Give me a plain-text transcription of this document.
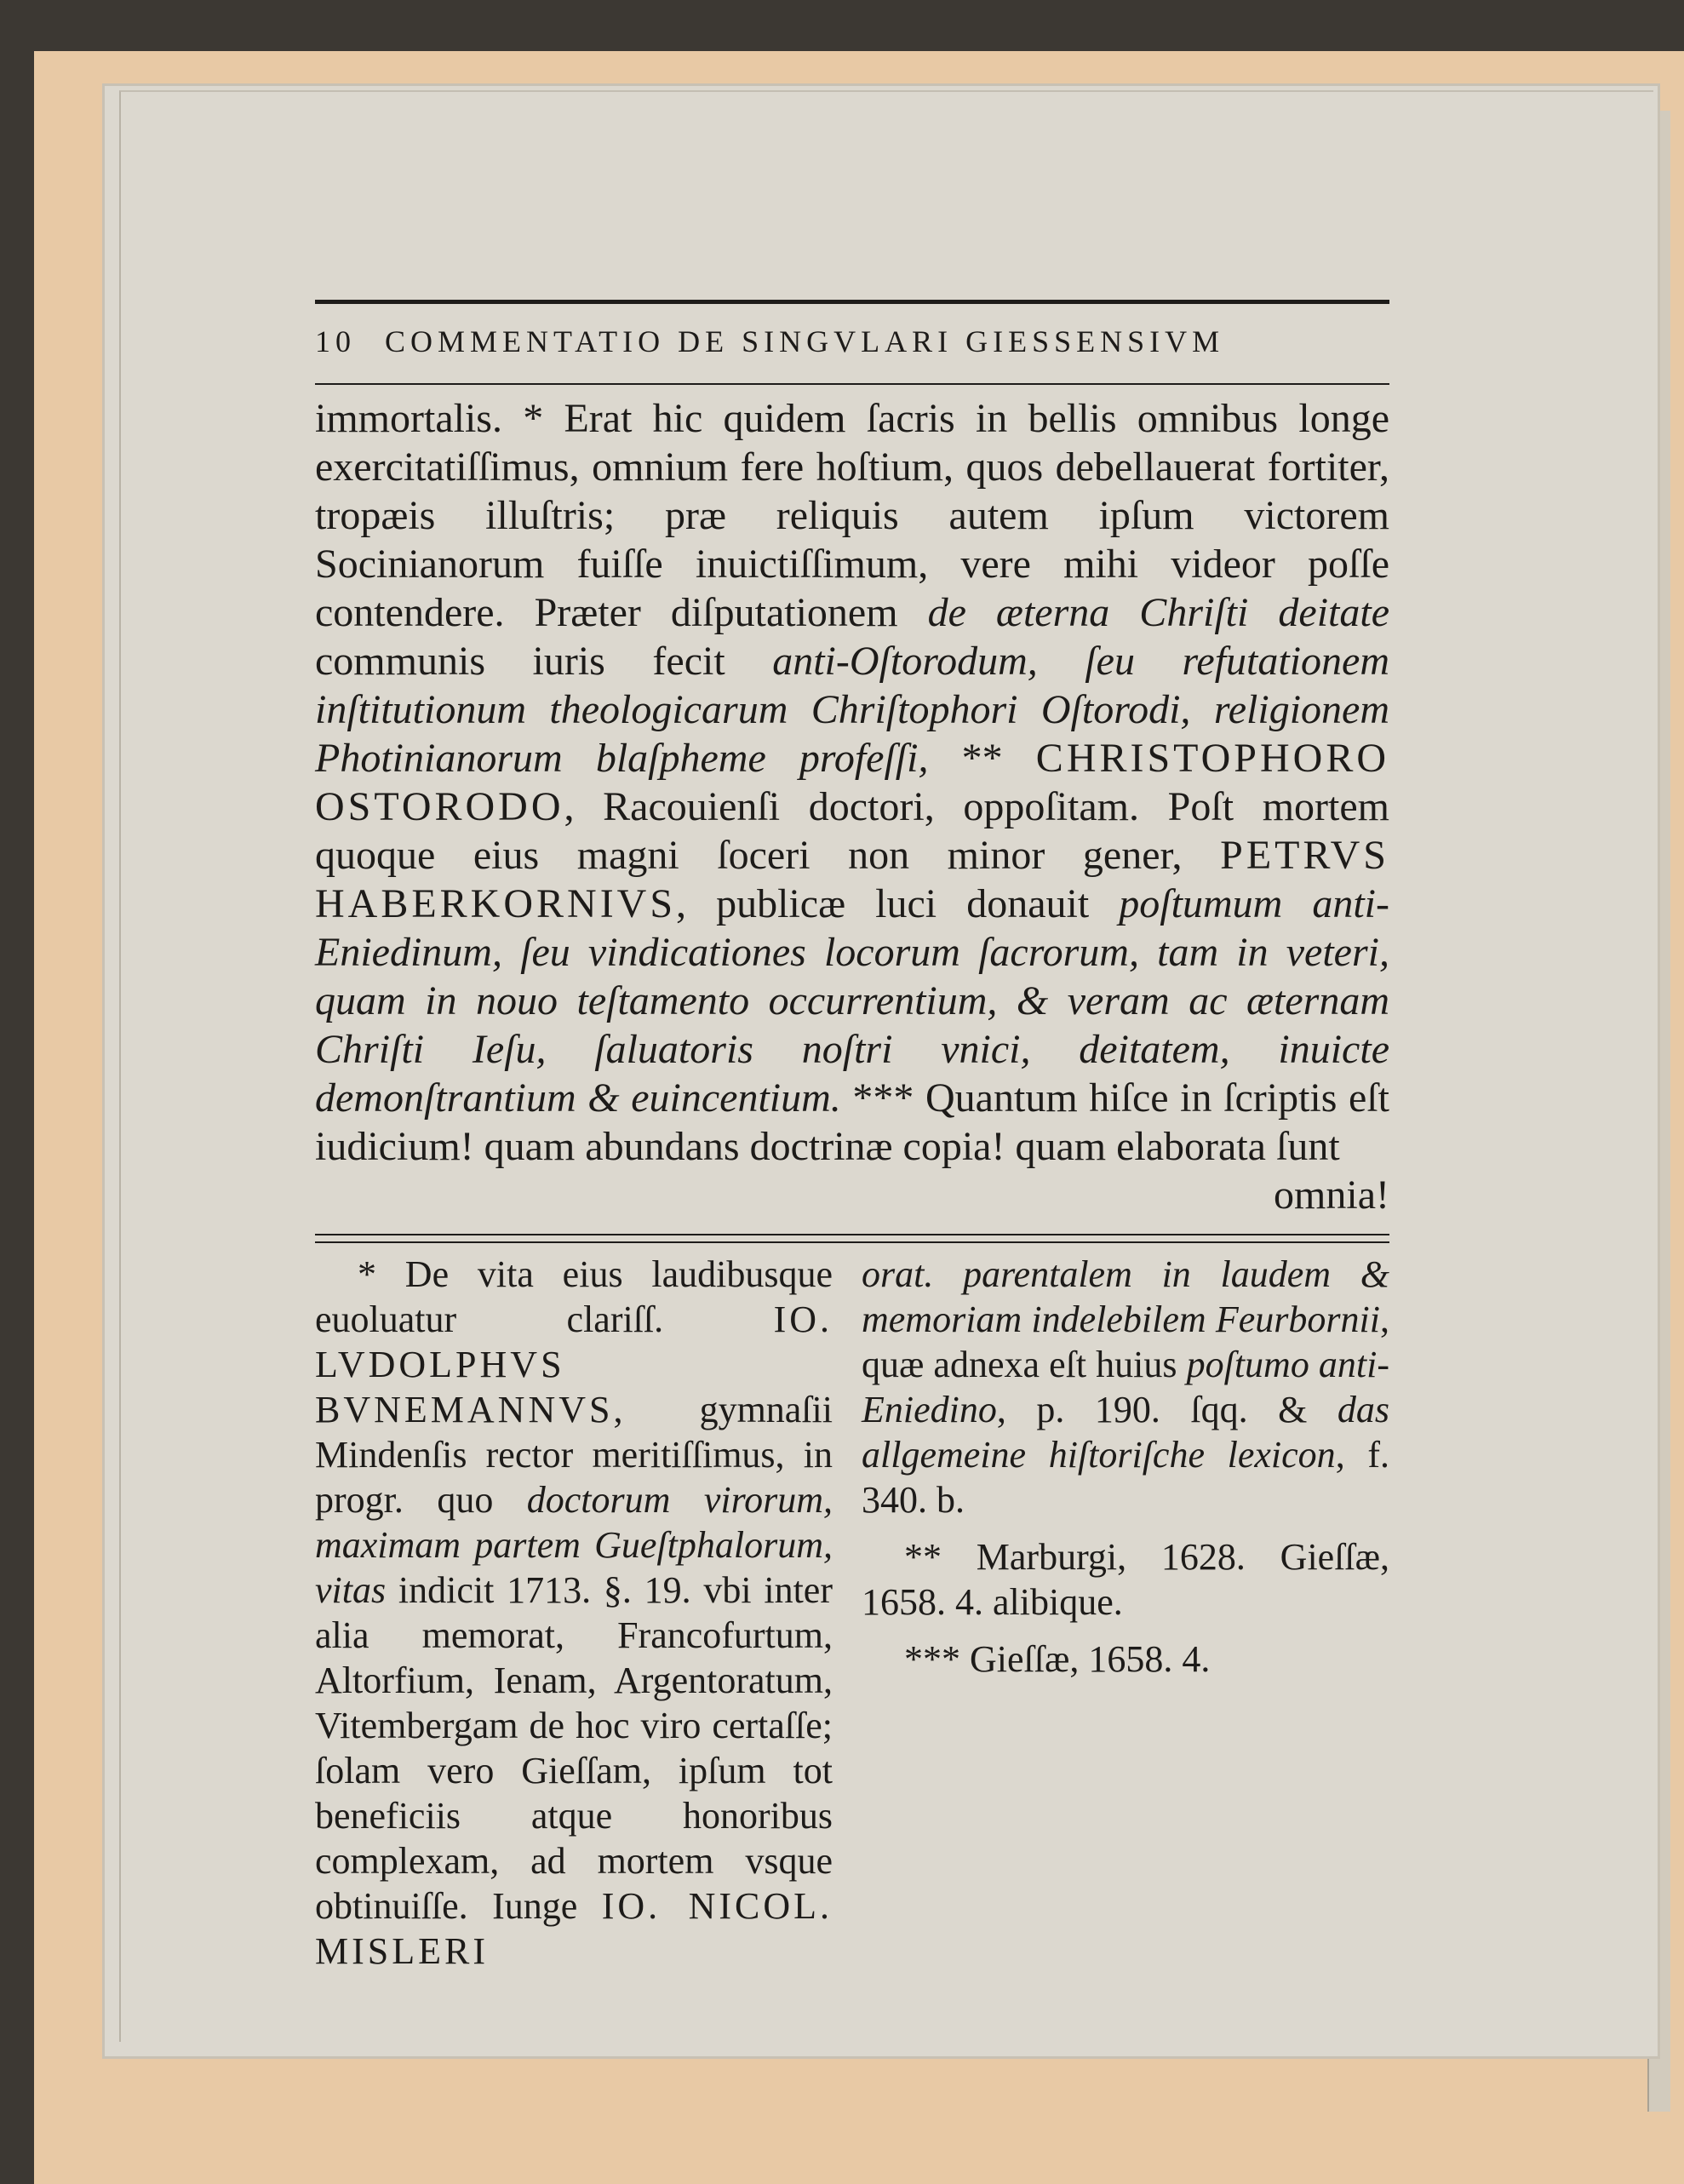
10 COMMENTATIO DE SINGVLARI GIESSENSIVM

immortalis. * Erat hic quidem ſacris in bellis omnibus longe exercitatiſſimus, omnium fere hoſtium, quos debellauerat fortiter, tropæis illuſtris; præ reliquis autem ipſum victorem Socinianorum fuiſſe inuictiſſimum, vere mihi videor poſſe contendere. Præter diſputationem de æterna Chriſti deitate communis iuris fecit anti-Oſtorodum, ſeu refutationem inſtitutionum theologicarum Chriſtophori Oſtorodi, religionem Photinianorum blaſpheme profeſſi, ** CHRISTOPHORO OSTORODO, Racouienſi doctori, oppoſitam. Poſt mortem quoque eius magni ſoceri non minor gener, PETRVS HABERKORNIVS, publicæ luci donauit poſtumum anti-Eniedinum, ſeu vindicationes locorum ſacrorum, tam in veteri, quam in nouo teſtamento occurrentium, & veram ac æternam Chriſti Ieſu, ſaluatoris noſtri vnici, deitatem, inuicte demonſtrantium & euincentium. *** Quantum hiſce in ſcriptis eſt iudicium! quam abundans doctrinæ copia! quam elaborata ſunt

omnia!

* De vita eius laudibusque euoluatur clariſſ. IO. LVDOLPHVS BVNEMANNVS, gymnaſii Mindenſis rector meritiſſimus, in progr. quo doctorum virorum, maximam partem Gueſtphalorum, vitas indicit 1713. §. 19. vbi inter alia memorat, Francofurtum, Altorfium, Ienam, Argentoratum, Vitembergam de hoc viro certaſſe; ſolam vero Gieſſam, ipſum tot beneficiis atque honoribus complexam, ad mortem vsque obtinuiſſe. Iunge IO. NICOL. MISLERI

orat. parentalem in laudem & memoriam indelebilem Feurbornii, quæ adnexa eſt huius poſtumo anti-Eniedino, p. 190. ſqq. & das allgemeine hiſtoriſche lexicon, f. 340. b.

** Marburgi, 1628. Gieſſæ, 1658. 4. alibique.

*** Gieſſæ, 1658. 4.
